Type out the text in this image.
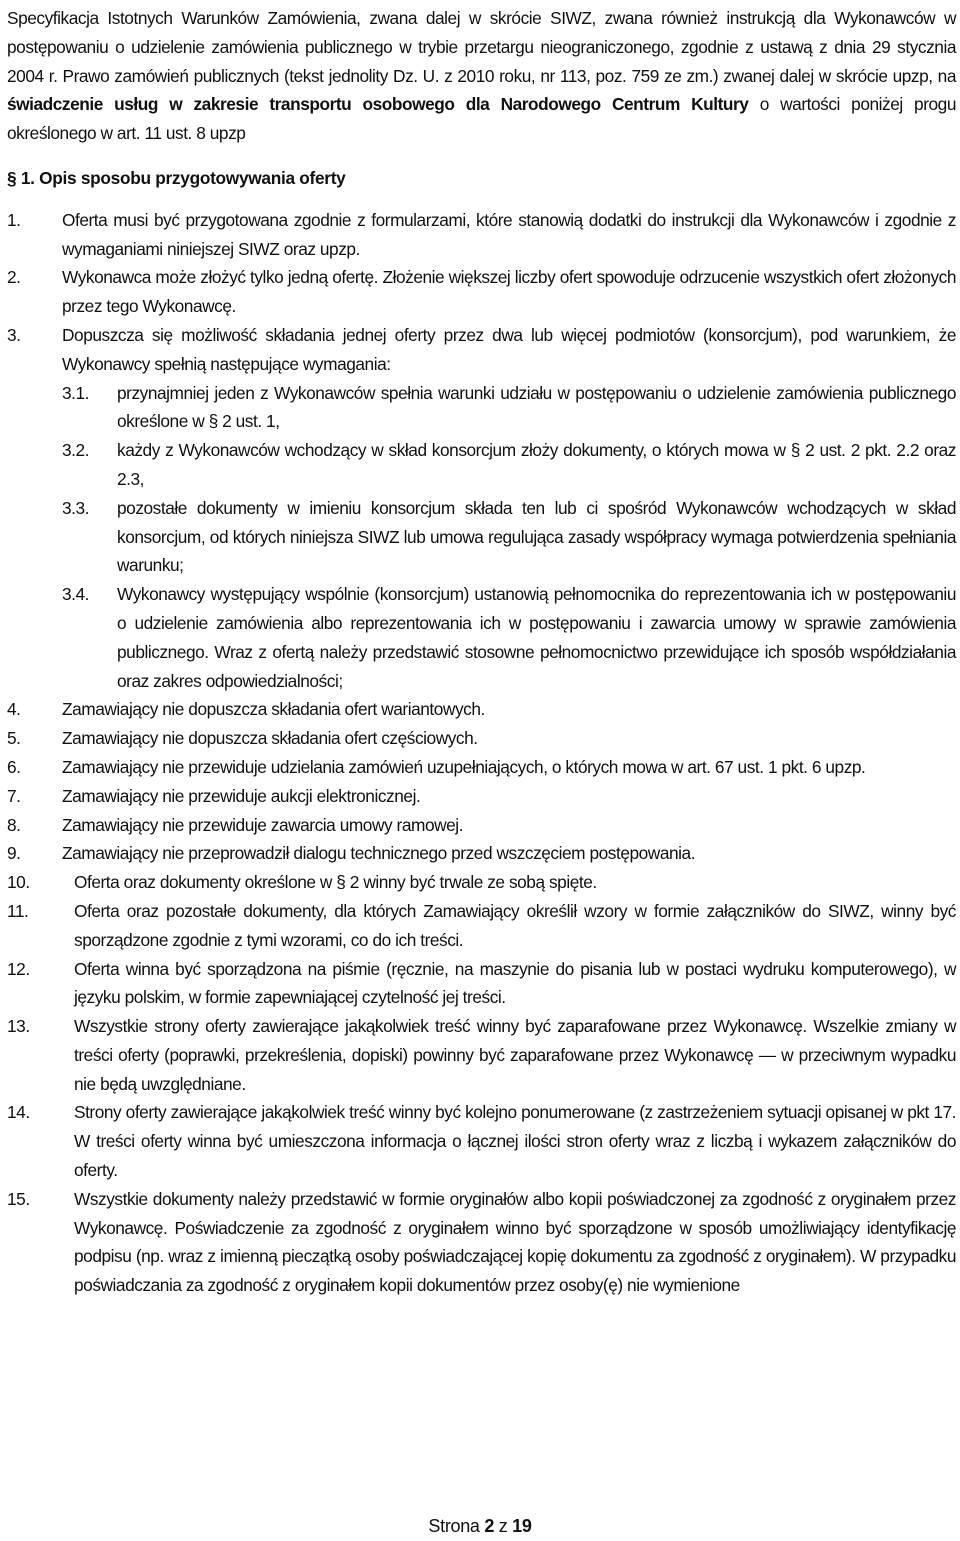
Specyfikacja Istotnych Warunków Zamówienia, zwana dalej w skrócie SIWZ, zwana również instrukcją dla Wykonawców w postępowaniu o udzielenie zamówienia publicznego w trybie przetargu nieograniczonego, zgodnie z ustawą z dnia 29 stycznia 2004 r. Prawo zamówień publicznych (tekst jednolity Dz. U. z 2010 roku, nr 113, poz. 759 ze zm.) zwanej dalej w skrócie upzp, na świadczenie usług w zakresie transportu osobowego dla Narodowego Centrum Kultury o wartości poniżej progu określonego w art. 11 ust. 8 upzp

§ 1. Opis sposobu przygotowywania oferty
1.	Oferta musi być przygotowana zgodnie z formularzami, które stanowią dodatki do instrukcji dla Wykonawców i zgodnie z wymaganiami niniejszej SIWZ oraz upzp.
2.	Wykonawca może złożyć tylko jedną ofertę. Złożenie większej liczby ofert spowoduje odrzucenie wszystkich ofert złożonych przez tego Wykonawcę.
3.	Dopuszcza się możliwość składania jednej oferty przez dwa lub więcej podmiotów (konsorcjum), pod warunkiem, że Wykonawcy spełnią następujące wymagania:
3.1.	przynajmniej jeden z Wykonawców spełnia warunki udziału w postępowaniu o udzielenie zamówienia publicznego określone w § 2 ust. 1,
3.2.	każdy z Wykonawców wchodzący w skład konsorcjum złoży dokumenty, o których mowa w § 2 ust. 2 pkt. 2.2 oraz 2.3,
3.3.	pozostałe dokumenty w imieniu konsorcjum składa ten lub ci spośród Wykonawców wchodzących w skład konsorcjum, od których niniejsza SIWZ lub umowa regulująca zasady współpracy wymaga potwierdzenia spełniania warunku;
3.4.	Wykonawcy występujący wspólnie (konsorcjum) ustanowią pełnomocnika do reprezentowania ich w postępowaniu o udzielenie zamówienia albo reprezentowania ich w postępowaniu i zawarcia umowy w sprawie zamówienia publicznego. Wraz z ofertą należy przedstawić stosowne pełnomocnictwo przewidujące ich sposób współdziałania oraz zakres odpowiedzialności;
4.	Zamawiający nie dopuszcza składania ofert wariantowych.
5.	Zamawiający nie dopuszcza składania ofert częściowych.
6.	Zamawiający nie przewiduje udzielania zamówień uzupełniających, o których mowa w art. 67 ust. 1 pkt. 6 upzp.
7.	Zamawiający nie przewiduje aukcji elektronicznej.
8.	Zamawiający nie przewiduje zawarcia umowy ramowej.
9.	Zamawiający nie przeprowadził dialogu technicznego przed wszczęciem postępowania.
10.	Oferta oraz dokumenty określone w § 2 winny być trwale ze sobą spięte.
11.	Oferta oraz pozostałe dokumenty, dla których Zamawiający określił wzory w formie załączników do SIWZ, winny być sporządzone zgodnie z tymi wzorami, co do ich treści.
12.	Oferta winna być sporządzona na piśmie (ręcznie, na maszynie do pisania lub w postaci wydruku komputerowego), w języku polskim, w formie zapewniającej czytelność jej treści.
13.	Wszystkie strony oferty zawierające jakąkolwiek treść winny być zaparafowane przez Wykonawcę. Wszelkie zmiany w treści oferty (poprawki, przekreślenia, dopiski) powinny być zaparafowane przez Wykonawcę — w przeciwnym wypadku nie będą uwzględniane.
14.	Strony oferty zawierające jakąkolwiek treść winny być kolejno ponumerowane (z zastrzeżeniem sytuacji opisanej w pkt 17. W treści oferty winna być umieszczona informacja o łącznej ilości stron oferty wraz z liczbą i wykazem załączników do oferty.
15.	Wszystkie dokumenty należy przedstawić w formie oryginałów albo kopii poświadczonej za zgodność z oryginałem przez Wykonawcę. Poświadczenie za zgodność z oryginałem winno być sporządzone w sposób umożliwiający identyfikację podpisu (np. wraz z imienną pieczątką osoby poświadczającej kopię dokumentu za zgodność z oryginałem). W przypadku poświadczania za zgodność z oryginałem kopii dokumentów przez osoby(ę) nie wymienione
Strona 2 z 19
